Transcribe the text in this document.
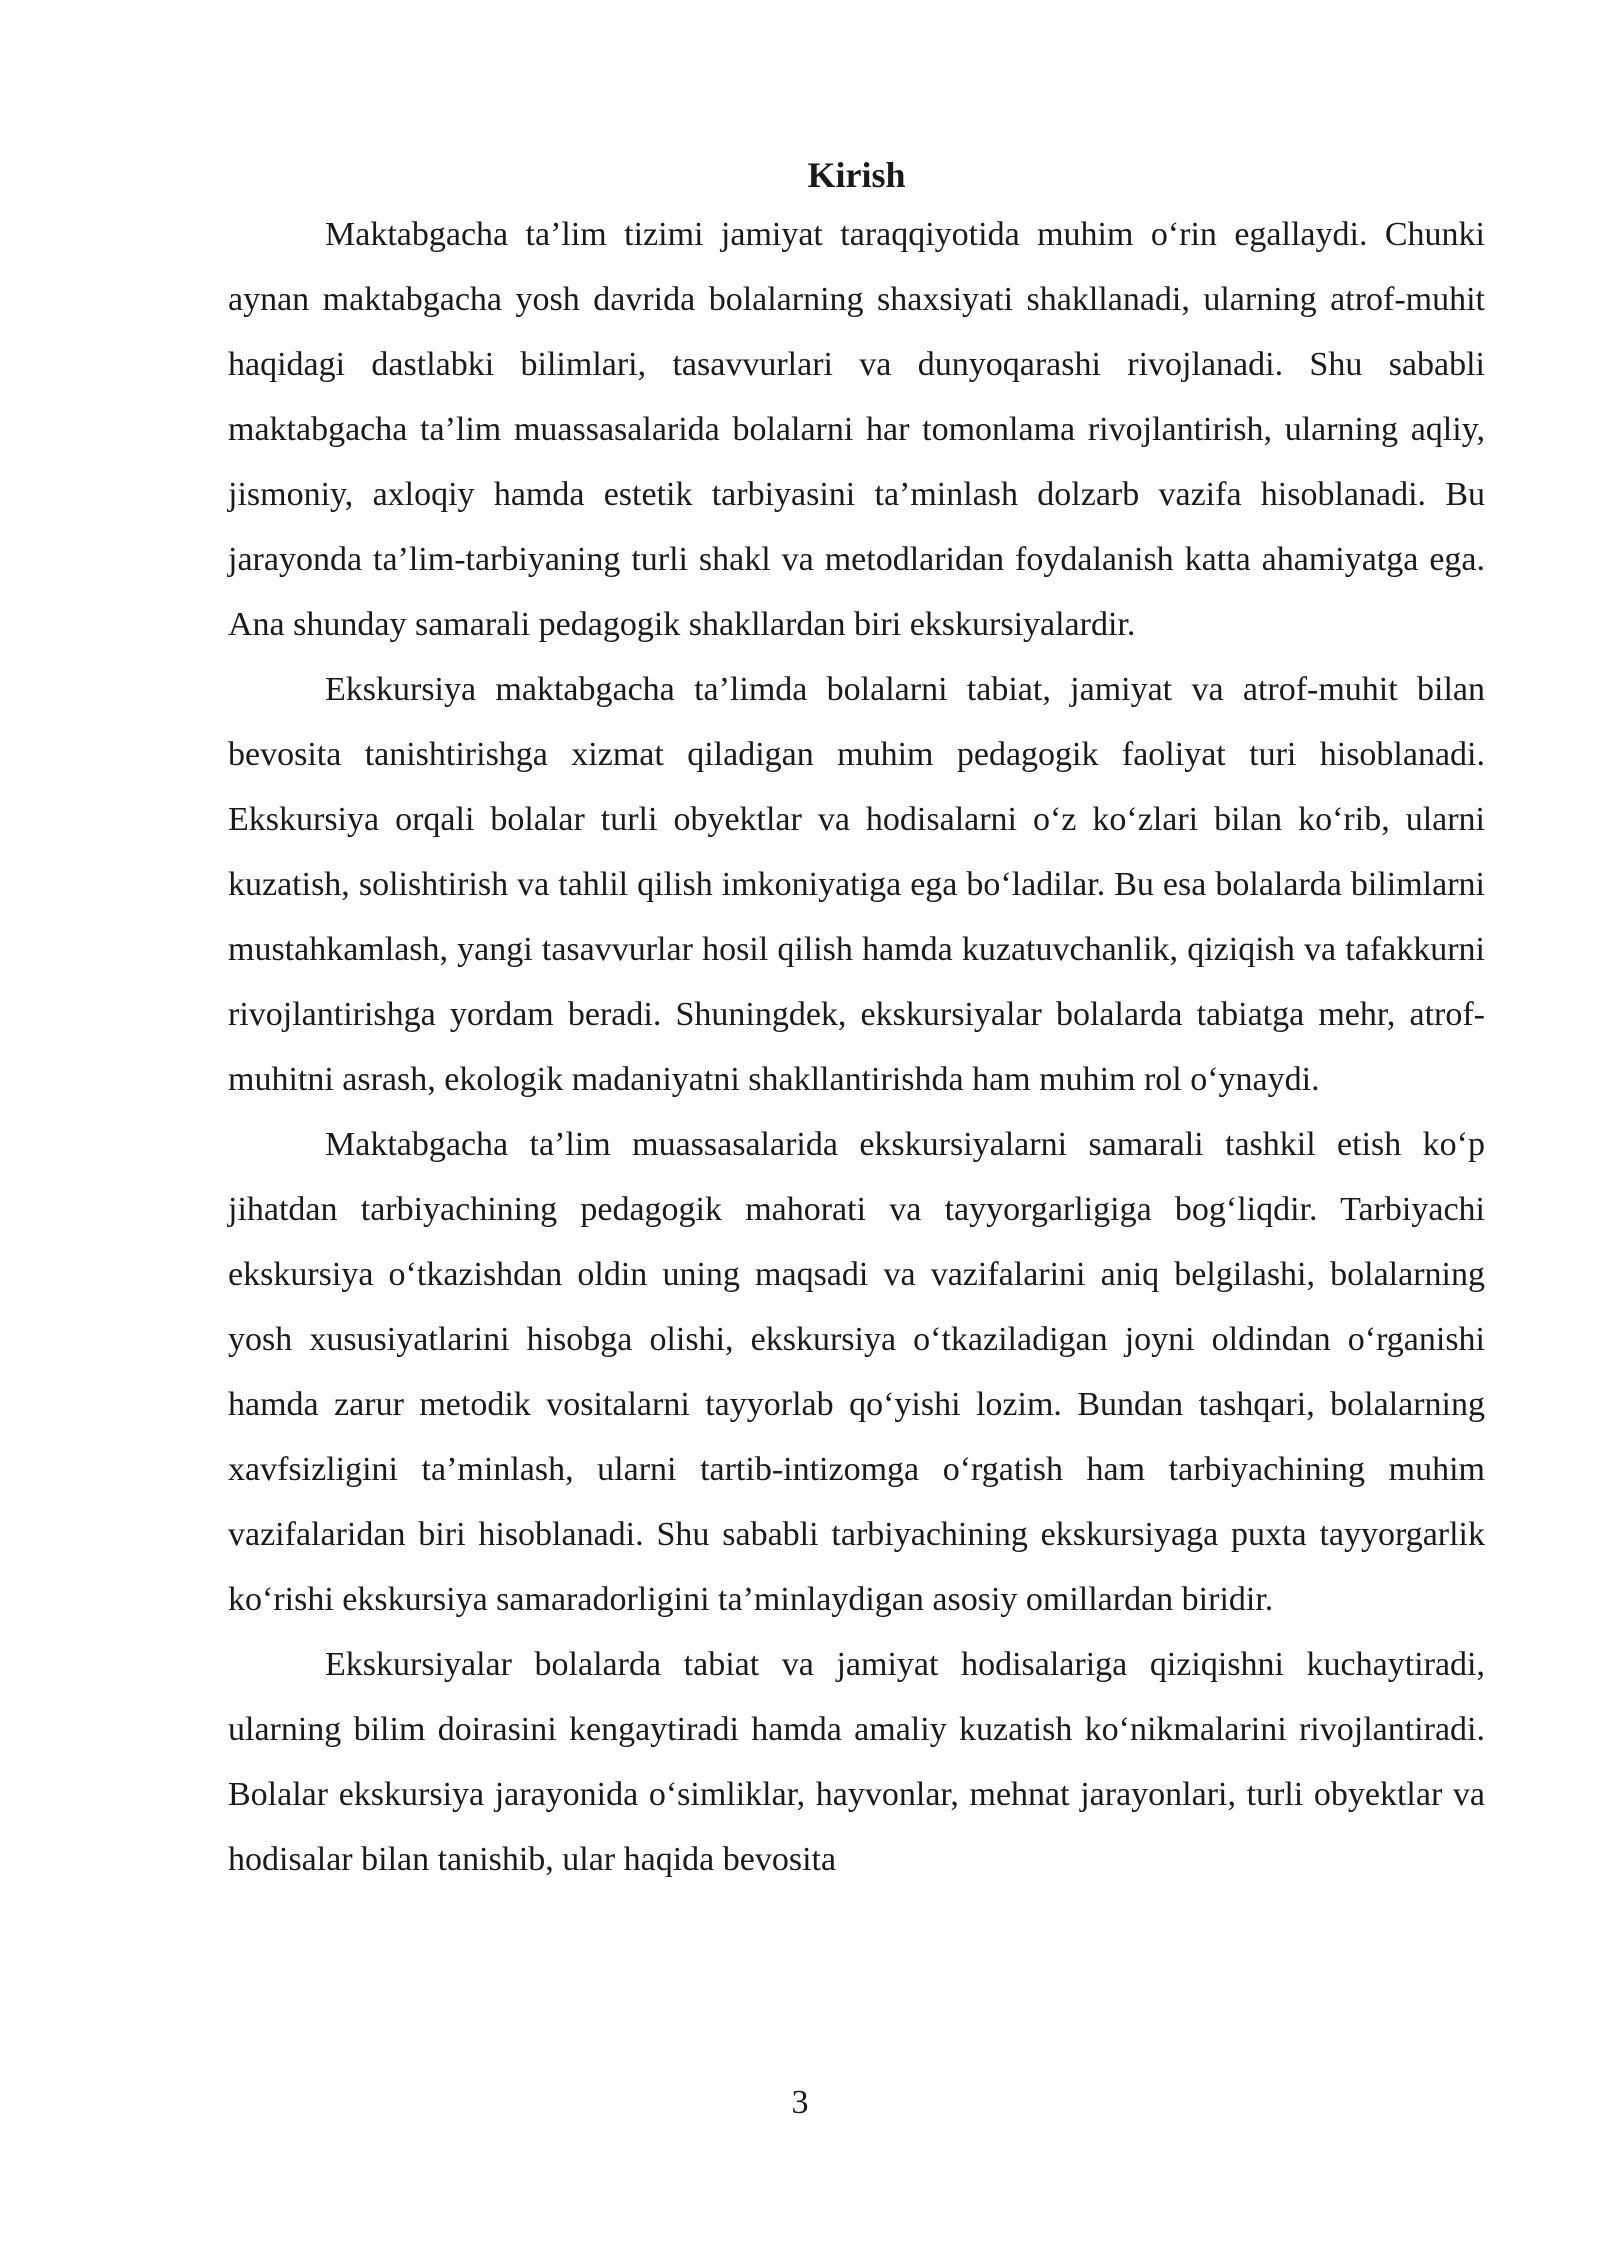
Kirish

Maktabgacha ta’lim tizimi jamiyat taraqqiyotida muhim o‘rin egallaydi. Chunki aynan maktabgacha yosh davrida bolalarning shaxsiyati shakllanadi, ularning atrof-muhit haqidagi dastlabki bilimlari, tasavvurlari va dunyoqarashi rivojlanadi. Shu sababli maktabgacha ta’lim muassasalarida bolalarni har tomonlama rivojlantirish, ularning aqliy, jismoniy, axloqiy hamda estetik tarbiyasini ta’minlash dolzarb vazifa hisoblanadi. Bu jarayonda ta’lim-tarbiyaning turli shakl va metodlaridan foydalanish katta ahamiyatga ega. Ana shunday samarali pedagogik shakllardan biri ekskursiyalardir.

Ekskursiya maktabgacha ta’limda bolalarni tabiat, jamiyat va atrof-muhit bilan bevosita tanishtirishga xizmat qiladigan muhim pedagogik faoliyat turi hisoblanadi. Ekskursiya orqali bolalar turli obyektlar va hodisalarni o‘z ko‘zlari bilan ko‘rib, ularni kuzatish, solishtirish va tahlil qilish imkoniyatiga ega bo‘ladilar. Bu esa bolalarda bilimlarni mustahkamlash, yangi tasavvurlar hosil qilish hamda kuzatuvchanlik, qiziqish va tafakkurni rivojlantirishga yordam beradi. Shuningdek, ekskursiyalar bolalarda tabiatga mehr, atrof-muhitni asrash, ekologik madaniyatni shakllantirishda ham muhim rol o‘ynaydi.

Maktabgacha ta’lim muassasalarida ekskursiyalarni samarali tashkil etish ko‘p jihatdan tarbiyachining pedagogik mahorati va tayyorgarligiga bog‘liqdir. Tarbiyachi ekskursiya o‘tkazishdan oldin uning maqsadi va vazifalarini aniq belgilashi, bolalarning yosh xususiyatlarini hisobga olishi, ekskursiya o‘tkaziladigan joyni oldindan o‘rganishi hamda zarur metodik vositalarni tayyorlab qo‘yishi lozim. Bundan tashqari, bolalarning xavfsizligini ta’minlash, ularni tartib-intizomga o‘rgatish ham tarbiyachining muhim vazifalaridan biri hisoblanadi. Shu sababli tarbiyachining ekskursiyaga puxta tayyorgarlik ko‘rishi ekskursiya samaradorligini ta’minlaydigan asosiy omillardan biridir.

Ekskursiyalar bolalarda tabiat va jamiyat hodisalariga qiziqishni kuchaytiradi, ularning bilim doirasini kengaytiradi hamda amaliy kuzatish ko‘nikmalarini rivojlantiradi. Bolalar ekskursiya jarayonida o‘simliklar, hayvonlar, mehnat jarayonlari, turli obyektlar va hodisalar bilan tanishib, ular haqida bevosita

3
